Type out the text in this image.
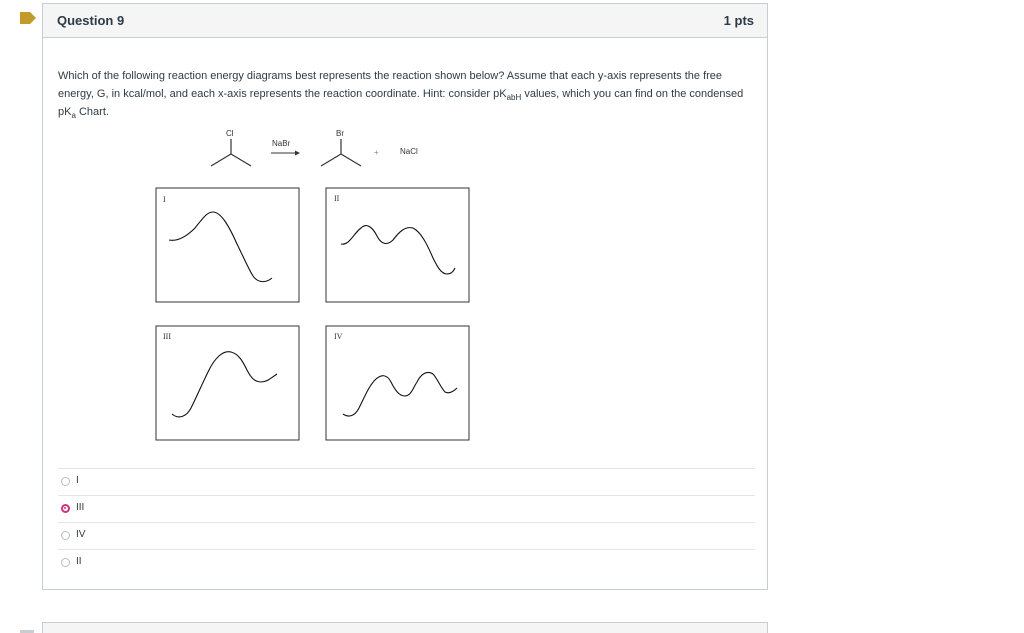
Question 9	1 pts
Which of the following reaction energy diagrams best represents the reaction shown below? Assume that each y-axis represents the free energy, G, in kcal/mol, and each x-axis represents the reaction coordinate. Hint: consider $pK_{abH}$ values, which you can find on the condensed $pK_a$ Chart.
Cl
NaBr
Br
+	NaCl
I	II
III	IV
I
III
IV
II
